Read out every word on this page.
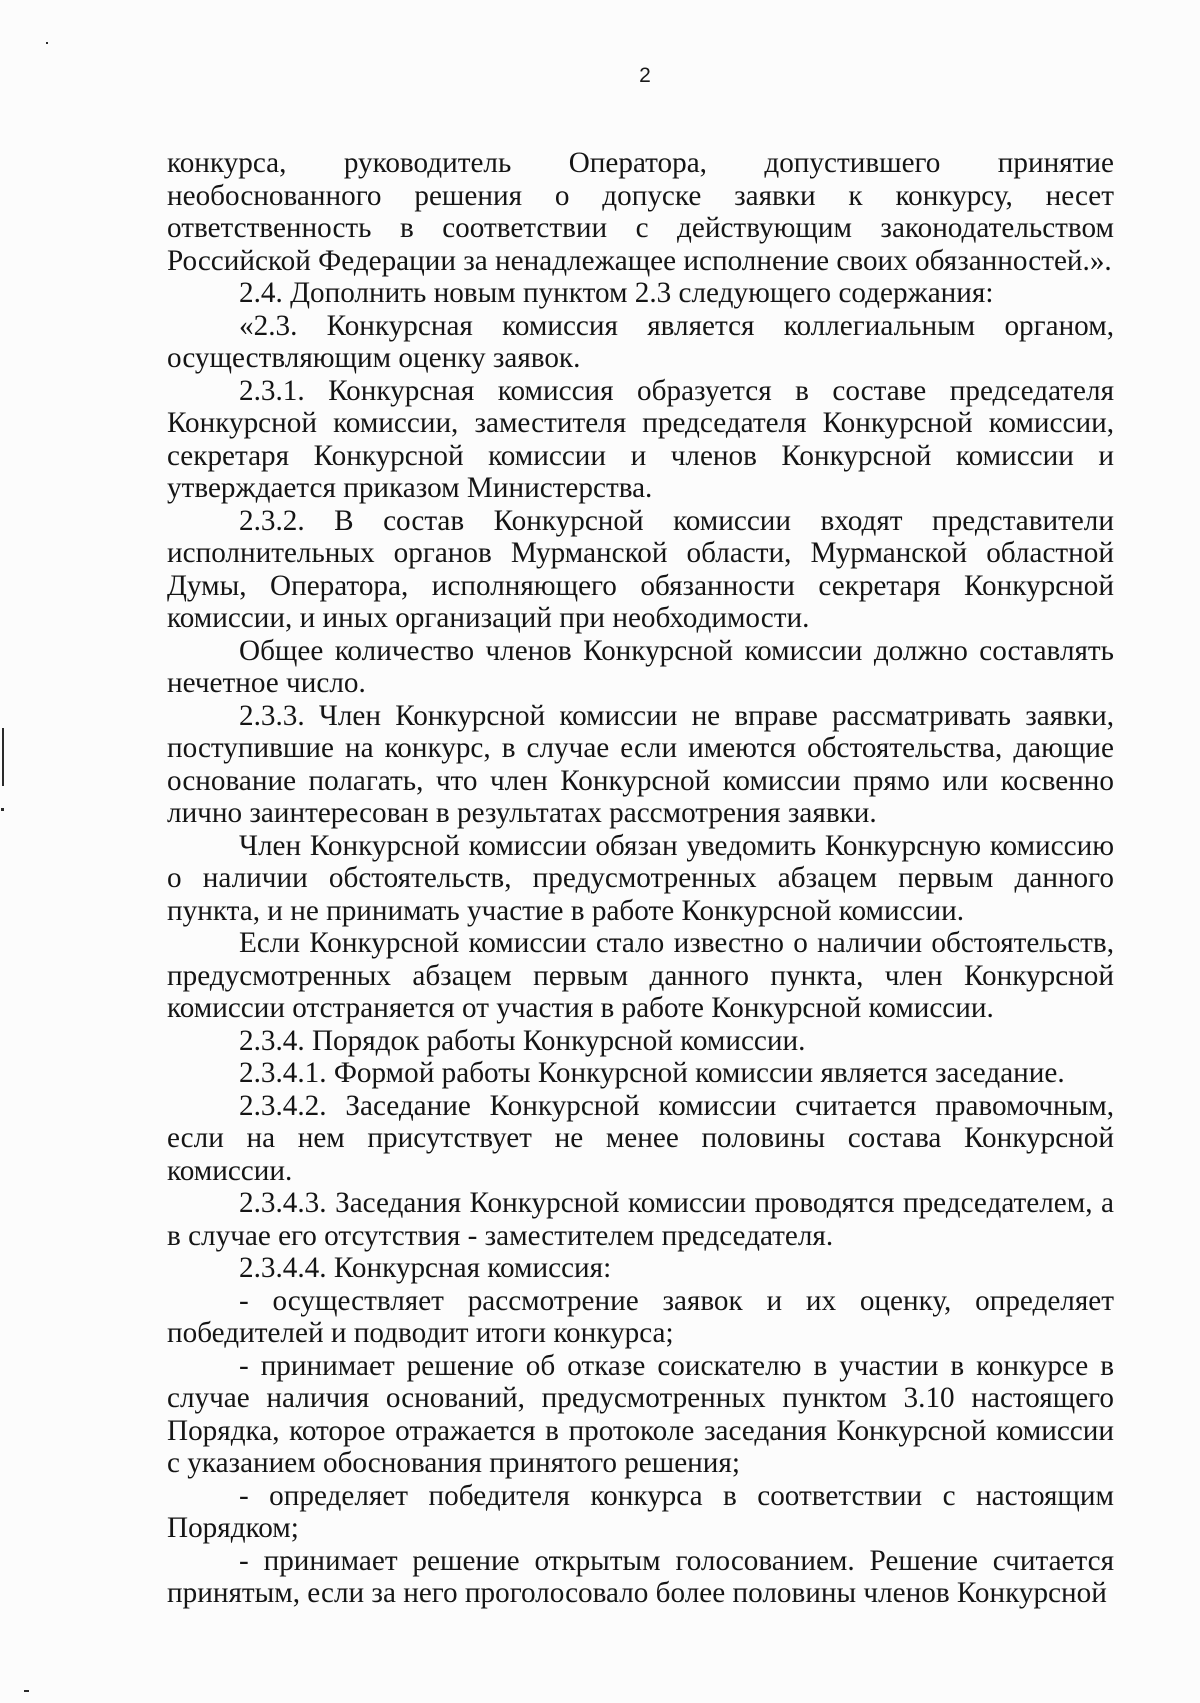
2

конкурса, руководитель Оператора, допустившего принятие необоснованного решения о допуске заявки к конкурсу, несет ответственность в соответствии с действующим законодательством Российской Федерации за ненадлежащее исполнение своих обязанностей.».

2.4. Дополнить новым пунктом 2.3 следующего содержания:

«2.3. Конкурсная комиссия является коллегиальным органом, осуществляющим оценку заявок.

2.3.1. Конкурсная комиссия образуется в составе председателя Конкурсной комиссии, заместителя председателя Конкурсной комиссии, секретаря Конкурсной комиссии и членов Конкурсной комиссии и утверждается приказом Министерства.

2.3.2. В состав Конкурсной комиссии входят представители исполнительных органов Мурманской области, Мурманской областной Думы, Оператора, исполняющего обязанности секретаря Конкурсной комиссии, и иных организаций при необходимости.

Общее количество членов Конкурсной комиссии должно составлять нечетное число.

2.3.3. Член Конкурсной комиссии не вправе рассматривать заявки, поступившие на конкурс, в случае если имеются обстоятельства, дающие основание полагать, что член Конкурсной комиссии прямо или косвенно лично заинтересован в результатах рассмотрения заявки.

Член Конкурсной комиссии обязан уведомить Конкурсную комиссию о наличии обстоятельств, предусмотренных абзацем первым данного пункта, и не принимать участие в работе Конкурсной комиссии.

Если Конкурсной комиссии стало известно о наличии обстоятельств, предусмотренных абзацем первым данного пункта, член Конкурсной комиссии отстраняется от участия в работе Конкурсной комиссии.

2.3.4. Порядок работы Конкурсной комиссии.

2.3.4.1. Формой работы Конкурсной комиссии является заседание.

2.3.4.2. Заседание Конкурсной комиссии считается правомочным, если на нем присутствует не менее половины состава Конкурсной комиссии.

2.3.4.3. Заседания Конкурсной комиссии проводятся председателем, а в случае его отсутствия - заместителем председателя.

2.3.4.4. Конкурсная комиссия:

- осуществляет рассмотрение заявок и их оценку, определяет победителей и подводит итоги конкурса;

- принимает решение об отказе соискателю в участии в конкурсе в случае наличия оснований, предусмотренных пунктом 3.10 настоящего Порядка, которое отражается в протоколе заседания Конкурсной комиссии с указанием обоснования принятого решения;

- определяет победителя конкурса в соответствии с настоящим Порядком;

- принимает решение открытым голосованием. Решение считается принятым, если за него проголосовало более половины членов Конкурсной
